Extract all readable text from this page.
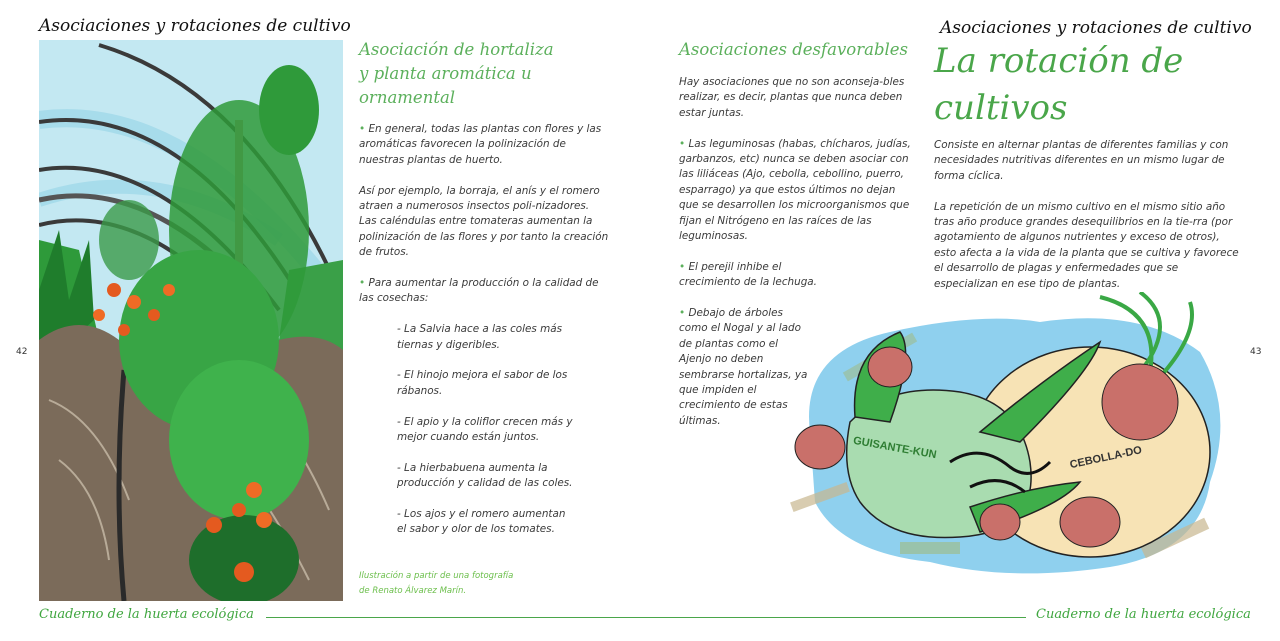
Asociaciones y rotaciones de cultivo
42
Asociación de hortaliza
y planta aromática u
ornamental

• En general, todas las plantas con flores y las aromáticas favorecen la polinización de nuestras plantas de huerto.

Así por ejemplo, la borraja, el anís y el romero atraen a numerosos insectos poli-nizadores. Las caléndulas entre tomateras aumentan la polinización de las flores y por tanto la creación de frutos.

• Para aumentar la producción o la calidad de las cosechas:

- La Salvia hace a las coles más tiernas y digeribles.

- El hinojo mejora el sabor de los rábanos.

- El apio y la coliflor crecen más y mejor cuando están juntos.

- La hierbabuena aumenta la producción y calidad de las coles.

- Los ajos y el romero aumentan el sabor y olor de los tomates.

Ilustración a partir de una fotografía
de Renato Álvarez Marín.
Cuaderno de la huerta ecológica
Asociaciones y rotaciones de cultivo
43
Asociaciones desfavorables

Hay asociaciones que no son aconseja-bles realizar, es decir, plantas que nunca deben estar juntas.

• Las leguminosas (habas, chícharos, judías, garbanzos, etc) nunca se deben asociar con las liliáceas (Ajo, cebolla, cebollino, puerro, esparrago) ya que estos últimos no dejan que se desarrollen los microorganismos que fijan el Nitrógeno en las raíces de las leguminosas.

• El perejil inhibe el crecimiento de la lechuga.

• Debajo de árboles como el Nogal y al lado de plantas como el Ajenjo no deben sembrarse hortalizas, ya que impiden el crecimiento de estas últimas.

La rotación de
cultivos

Consiste en alternar plantas de diferentes familias y con necesidades nutritivas diferentes en un mismo lugar de forma cíclica.

La repetición de un mismo cultivo en el mismo sitio año tras año produce grandes desequilibrios en la tie-rra (por agotamiento de algunos nutrientes y exceso de otros), esto afecta a la vida de la planta que se cultiva y favorece el desarrollo de plagas y enfermedades que se especializan en ese tipo de plantas.

GUISANTE-KUN	CEBOLLA-DO
Cuaderno de la huerta ecológica
